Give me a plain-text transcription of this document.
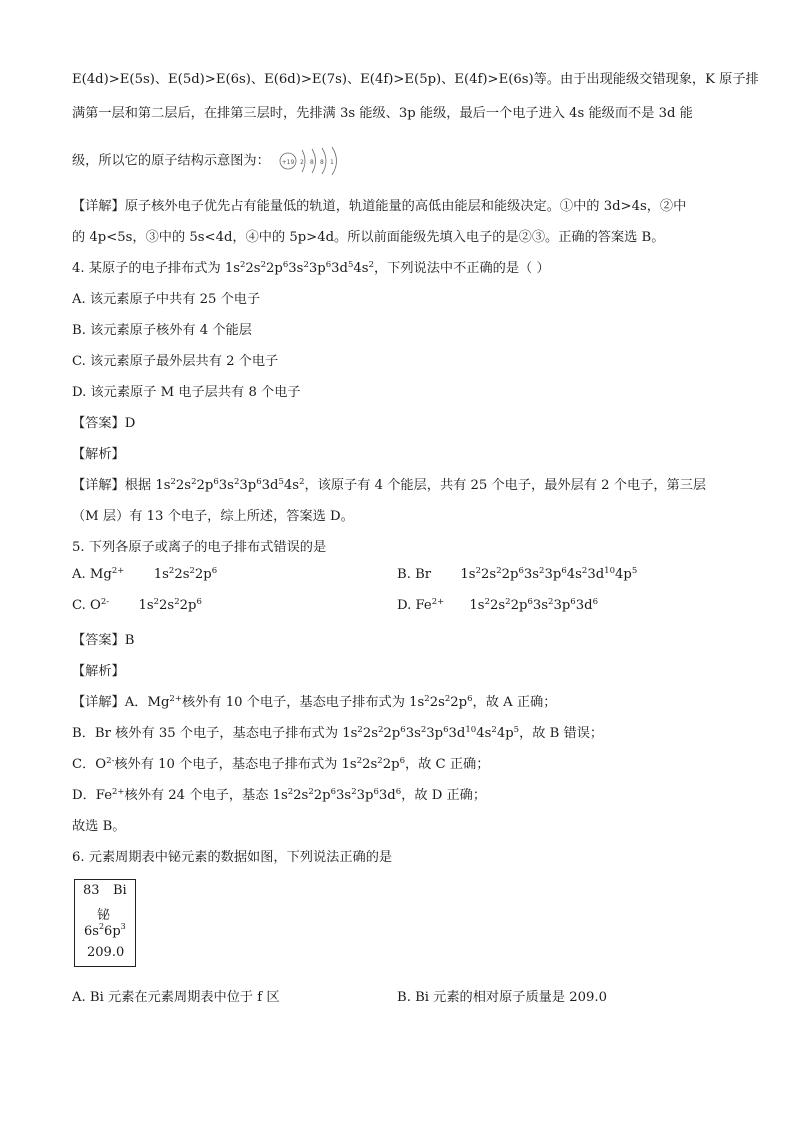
E(4d)>E(5s)、E(5d)>E(6s)、E(6d)>E(7s)、E(4f)>E(5p)、E(4f)>E(6s)等。由于出现能级交错现象，K 原子排
满第一层和第二层后，在排第三层时，先排满 3s 能级、3p 能级，最后一个电子进入 4s 能级而不是 3d 能
级，所以它的原子结构示意图为： +19 2 8 8 1
【详解】原子核外电子优先占有能量低的轨道，轨道能量的高低由能层和能级决定。①中的 3d>4s，②中
的 4p<5s，③中的 5s<4d，④中的 5p>4d。所以前面能级先填入电子的是②③。正确的答案选 B。
4. 某原子的电子排布式为 $1s^22s^22p^63s^23p^63d^54s^2$，下列说法中不正确的是（ ）
A. 该元素原子中共有 25 个电子
B. 该元素原子核外有 4 个能层
C. 该元素原子最外层共有 2 个电子
D. 该元素原子 M 电子层共有 8 个电子
【答案】D
【解析】
【详解】根据 $1s^22s^22p^63s^23p^63d^54s^2$，该原子有 4 个能层，共有 25 个电子，最外层有 2 个电子，第三层
（M 层）有 13 个电子，综上所述，答案选 D。
5. 下列各原子或离子的电子排布式错误的是
A. $Mg^{2+}$       $1s^22s^22p^6$	B. Br       $1s^22s^22p^63s^23p^64s^23d^{10}4p^5$
C. $O^{2-}$       $1s^22s^22p^6$	D. $Fe^{2+}$      $1s^22s^22p^63s^23p^63d^6$
【答案】B
【解析】
【详解】A．$Mg^{2+}$核外有 10 个电子，基态电子排布式为 $1s^22s^22p^6$，故 A 正确；
B．Br 核外有 35 个电子，基态电子排布式为 $1s^22s^22p^63s^23p^63d^{10}4s^24p^5$，故 B 错误；
C．$O^{2-}$核外有 10 个电子，基态电子排布式为 $1s^22s^22p^6$，故 C 正确；
D．$Fe^{2+}$核外有 24 个电子，基态 $1s^22s^22p^63s^23p^63d^6$，故 D 正确；
故选 B。
6. 元素周期表中铋元素的数据如图，下列说法正确的是
83 Bi
铋
$6s^26p^3$
209.0
A. Bi 元素在元素周期表中位于 f 区	B. Bi 元素的相对原子质量是 209.0
